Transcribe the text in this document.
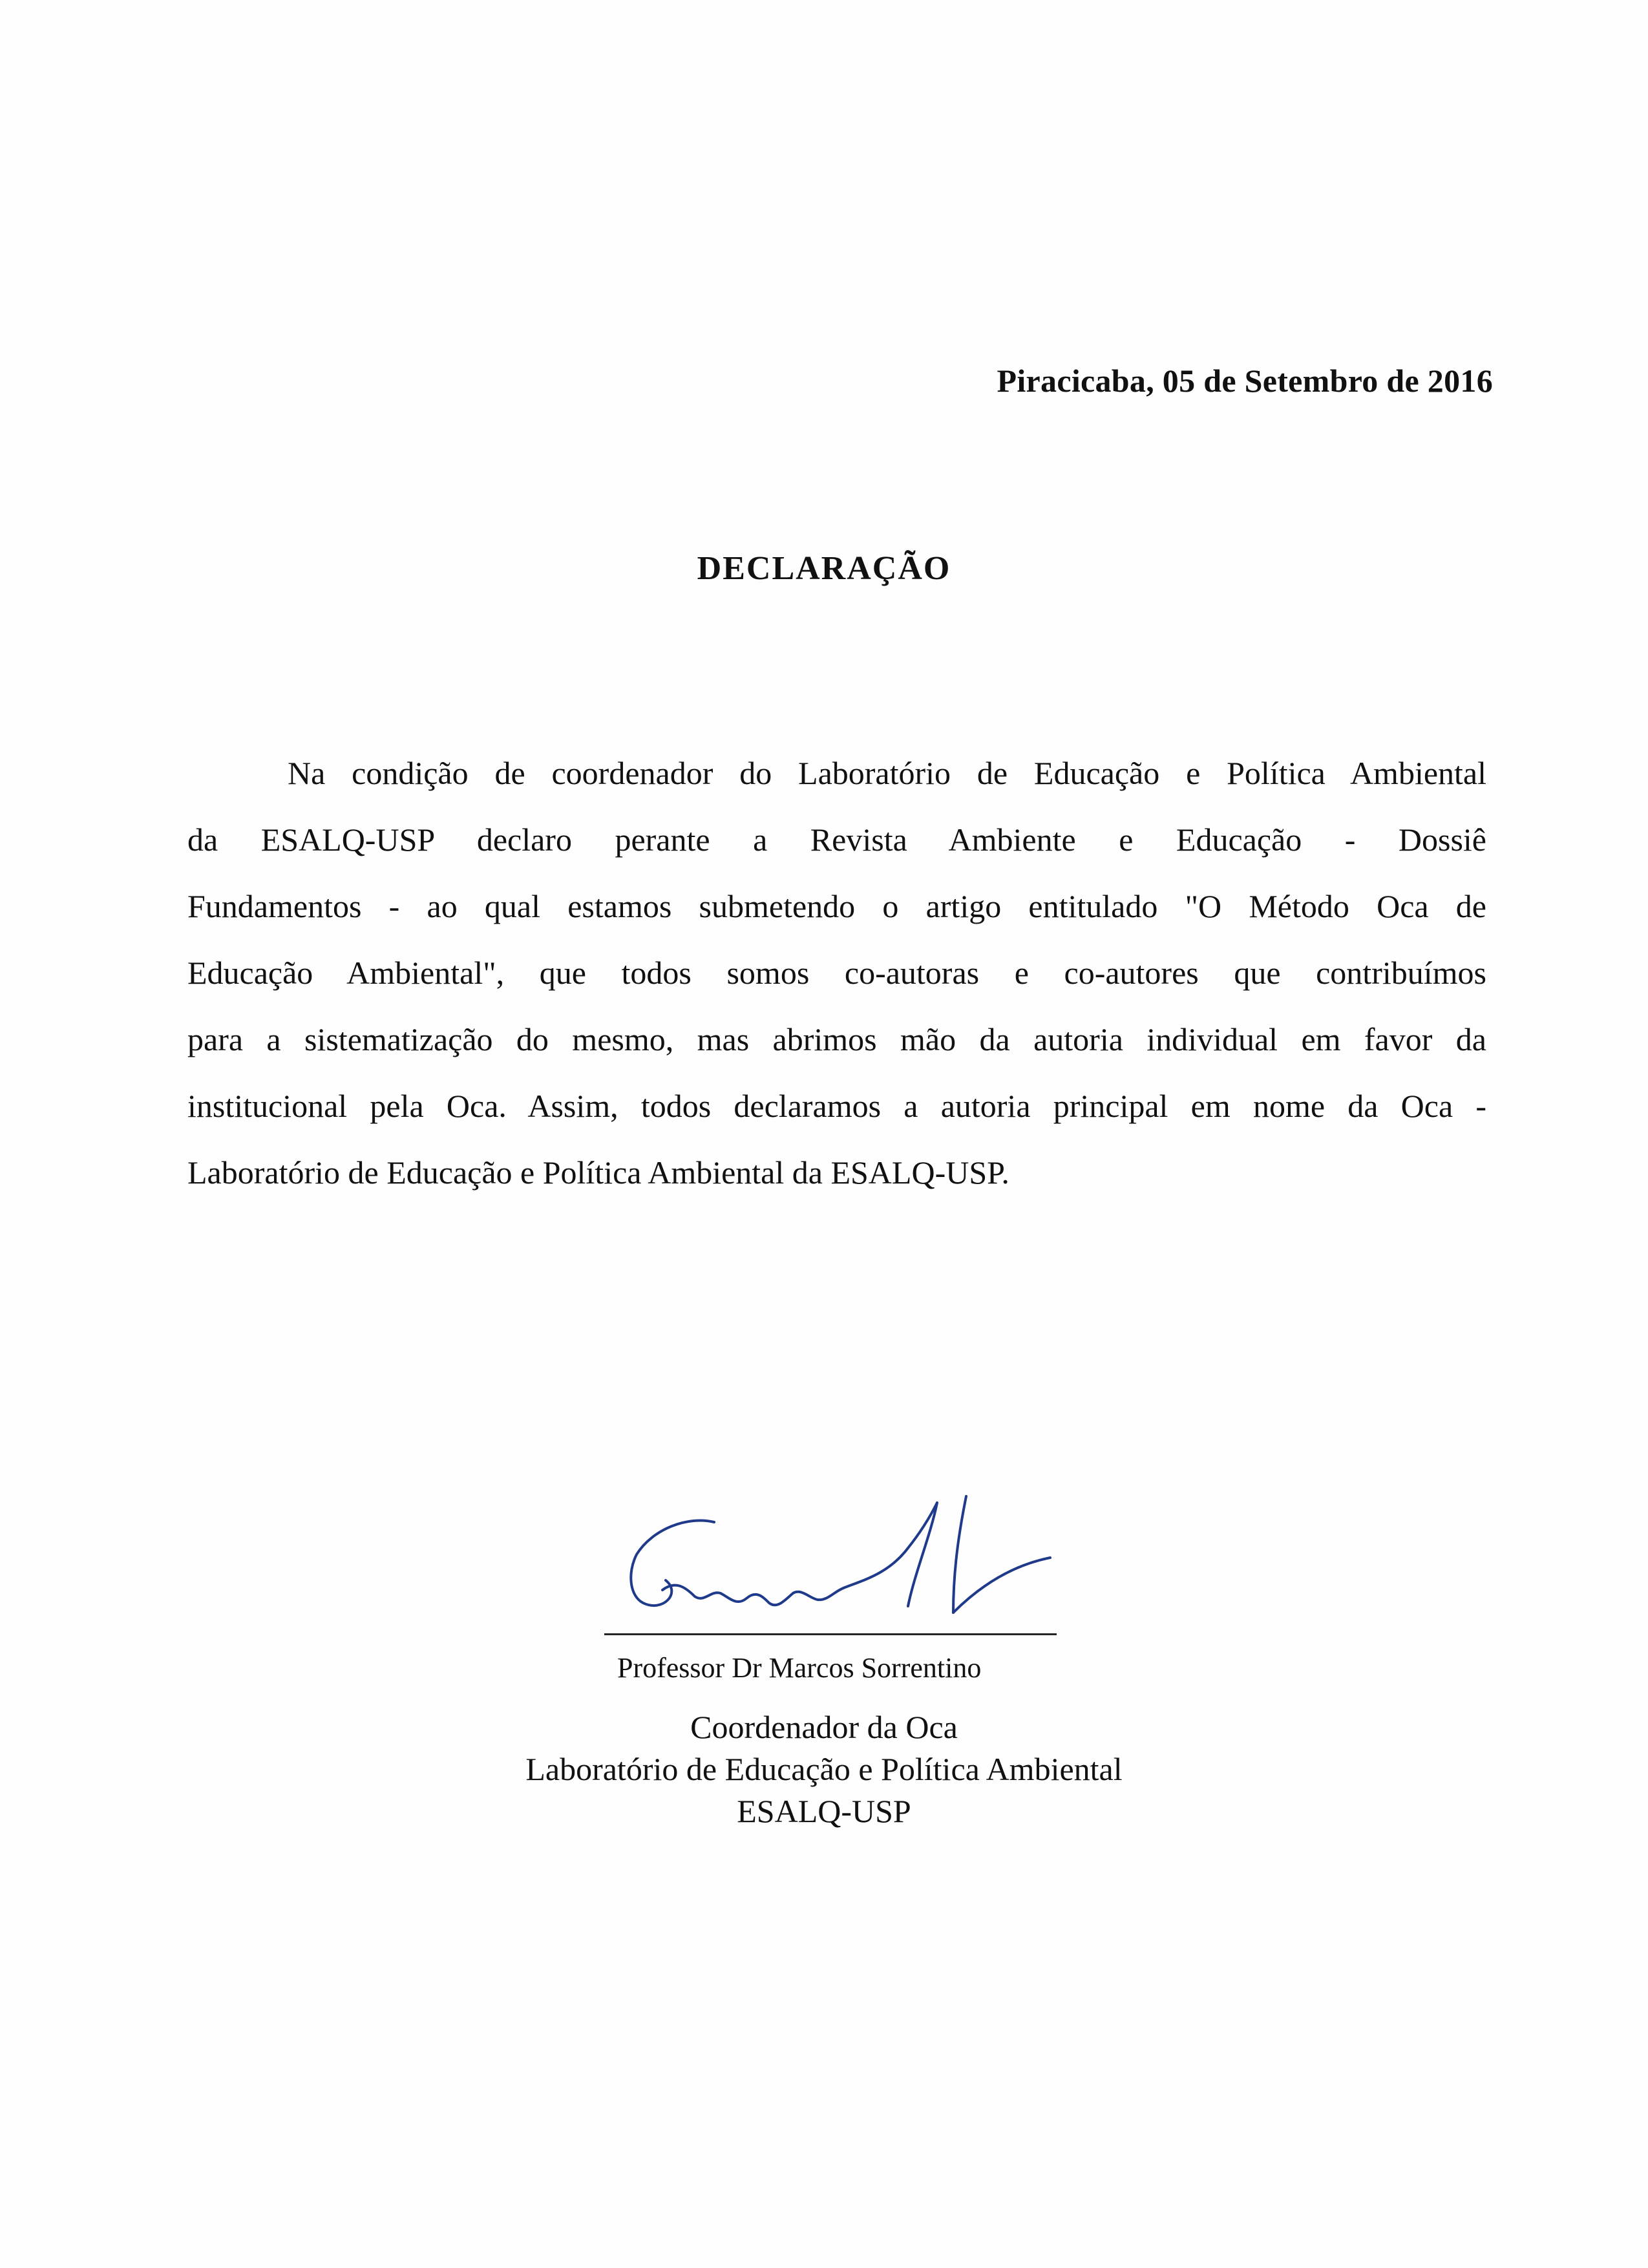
Piracicaba, 05 de Setembro de 2016
DECLARAÇÃO
Na condição de coordenador do Laboratório de Educação e Política Ambiental
da ESALQ-USP declaro perante a Revista Ambiente e Educação - Dossiê
Fundamentos - ao qual estamos submetendo o artigo entitulado "O Método Oca de
Educação Ambiental", que todos somos co-autoras e co-autores que contribuímos
para a sistematização do mesmo, mas abrimos mão da autoria individual em favor da
institucional pela Oca. Assim, todos declaramos a autoria principal em nome da Oca -
Laboratório de Educação e Política Ambiental da ESALQ-USP.
Professor Dr Marcos Sorrentino
Coordenador da Oca
Laboratório de Educação e Política Ambiental
ESALQ-USP
